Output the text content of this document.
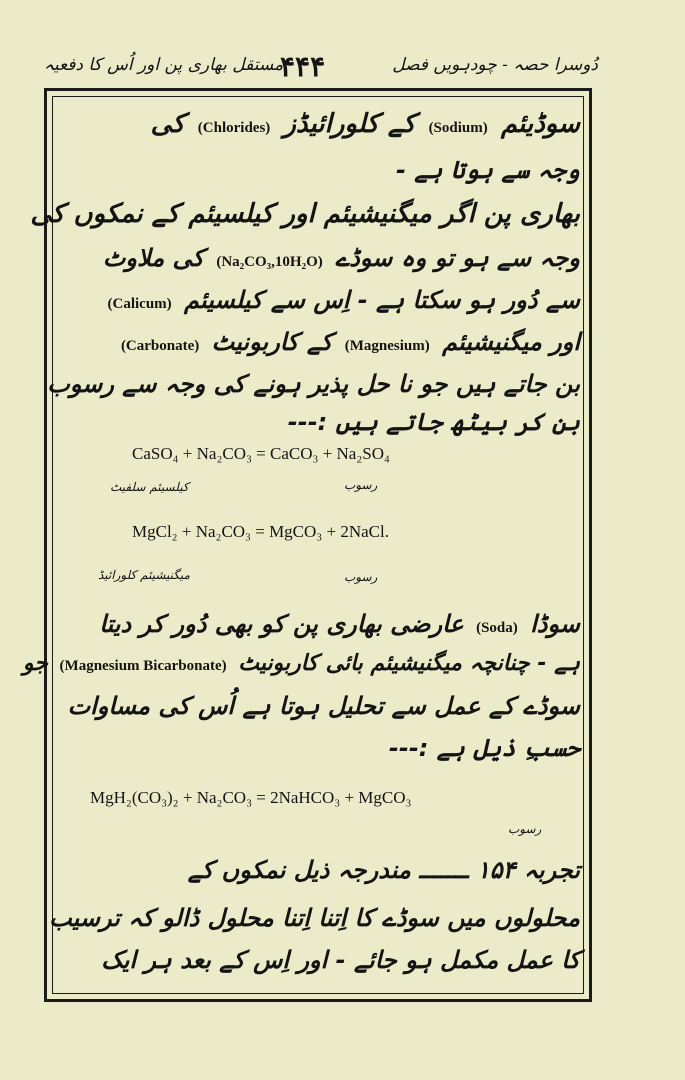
مستقل بھاری پن اور اُس کا دفعیہ
۴۴۴	دُوسرا حصہ - چودہویں فصل
سوڈیئم (Sodium) کے کلورائیڈز (Chlorides) کی
وجہ سے ہوتا ہے -
بھاری پن اگر میگنیشیئم اور کیلسیئم کے نمکوں کی
وجہ سے ہو تو وہ سوڈے (Na₂CO₃,10H₂O) کی ملاوٹ
سے دُور ہو سکتا ہے - اِس سے کیلسیئم (Calicum)
اور میگنیشیئم (Magnesium) کے کاربونیٹ (Carbonate)
بن جاتے ہیں جو نا حل پذیر ہونے کی وجہ سے رسوب
بن کر بیٹھ جاتے ہیں :---
CaSO₄ + Na₂CO₃ = CaCO₃ + Na₂SO₄
کیلسیئم سلفیٹ	رسوب
MgCl₂ + Na₂CO₃ = MgCO₃ + 2NaCl.
میگنیشیئم کلورائیڈ	رسوب
سوڈا (Soda) عارضی بھاری پن کو بھی دُور کر دیتا
ہے - چنانچہ میگنیشیئم بائی کاربونیٹ (Magnesium Bicarbonate) جو
سوڈے کے عمل سے تحلیل ہوتا ہے اُس کی مساوات
حسبِ ذیل ہے :---
MgH₂(CO₃)₂ + Na₂CO₃ = 2NaHCO₃ + MgCO₃
رسوب
تجربہ ۱۵۴ ـــــــ مندرجہ ذیل نمکوں کے
محلولوں میں سوڈے کا اِتنا اِتنا محلول ڈالو کہ ترسیب
کا عمل مکمل ہو جائے - اور اِس کے بعد ہر ایک
